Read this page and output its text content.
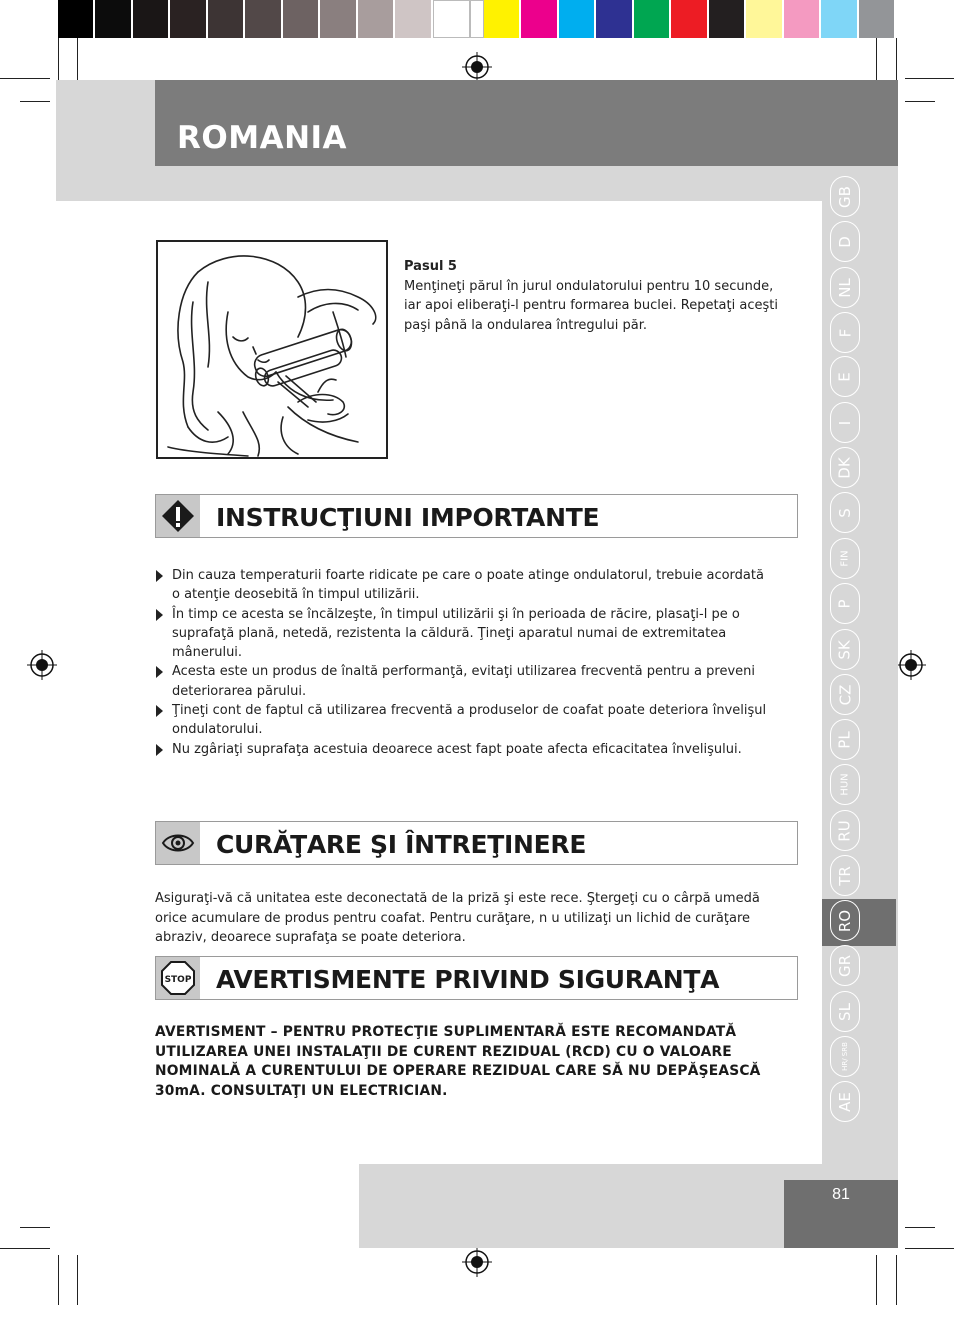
ROMANIA
GB
D
NL
F
E
I
DK
S
FIN
P
SK
CZ
PL
HUN
RU
TR
RO
GR
SL
HR/ SRB
AE
Pasul 5
Menţineţi părul în jurul ondulatorului pentru 10 secunde, iar apoi eliberaţi-l pentru formarea buclei. Repetaţi aceşti paşi până la ondularea întregului păr.
INSTRUCŢIUNI IMPORTANTE
Din cauza temperaturii foarte ridicate pe care o poate atinge ondulatorul, trebuie acordată o atenţie deosebită în timpul utilizării.
În timp ce acesta se încălzeşte, în timpul utilizării şi în perioada de răcire, plasaţi-l pe o suprafaţă plană, netedă, rezistenta la căldură. Ţineţi aparatul numai de extremitatea mânerului.
Acesta este un produs de înaltă performanţă, evitaţi utilizarea frecventă pentru a preveni deteriorarea părului.
Ţineţi cont de faptul că utilizarea frecventă a produselor de coafat poate deteriora învelişul ondulatorului.
Nu zgâriaţi suprafaţa acestuia deoarece acest fapt poate afecta eficacitatea învelişului.
CURĂŢARE ŞI ÎNTREŢINERE
Asiguraţi-vă că unitatea este deconectată de la priză şi este rece. Ştergeţi cu o cârpă umedă orice acumulare de produs pentru coafat. Pentru curăţare, n u utilizaţi un lichid de curăţare abraziv, deoarece suprafaţa se poate deteriora.
STOP AVERTISMENTE PRIVIND SIGURANŢA
AVERTISMENT – PENTRU PROTECŢIE SUPLIMENTARĂ ESTE RECOMANDATĂ UTILIZAREA UNEI INSTALAŢII DE CURENT REZIDUAL (RCD) CU O VALOARE NOMINALĂ A CURENTULUI DE OPERARE REZIDUAL CARE SĂ NU DEPĂŞEASCĂ 30mA. CONSULTAŢI UN ELECTRICIAN.
81
